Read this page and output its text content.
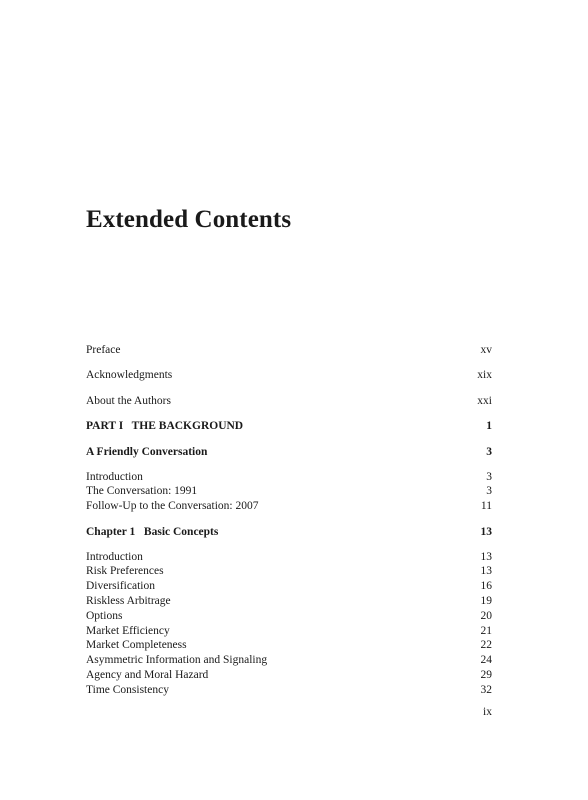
Extended Contents
Preface	xv
Acknowledgments	xix
About the Authors	xxi
PART I   THE BACKGROUND	1
A Friendly Conversation	3
Introduction	3
The Conversation: 1991	3
Follow-Up to the Conversation: 2007	11
Chapter 1   Basic Concepts	13
Introduction	13
Risk Preferences	13
Diversification	16
Riskless Arbitrage	19
Options	20
Market Efficiency	21
Market Completeness	22
Asymmetric Information and Signaling	24
Agency and Moral Hazard	29
Time Consistency	32
ix
